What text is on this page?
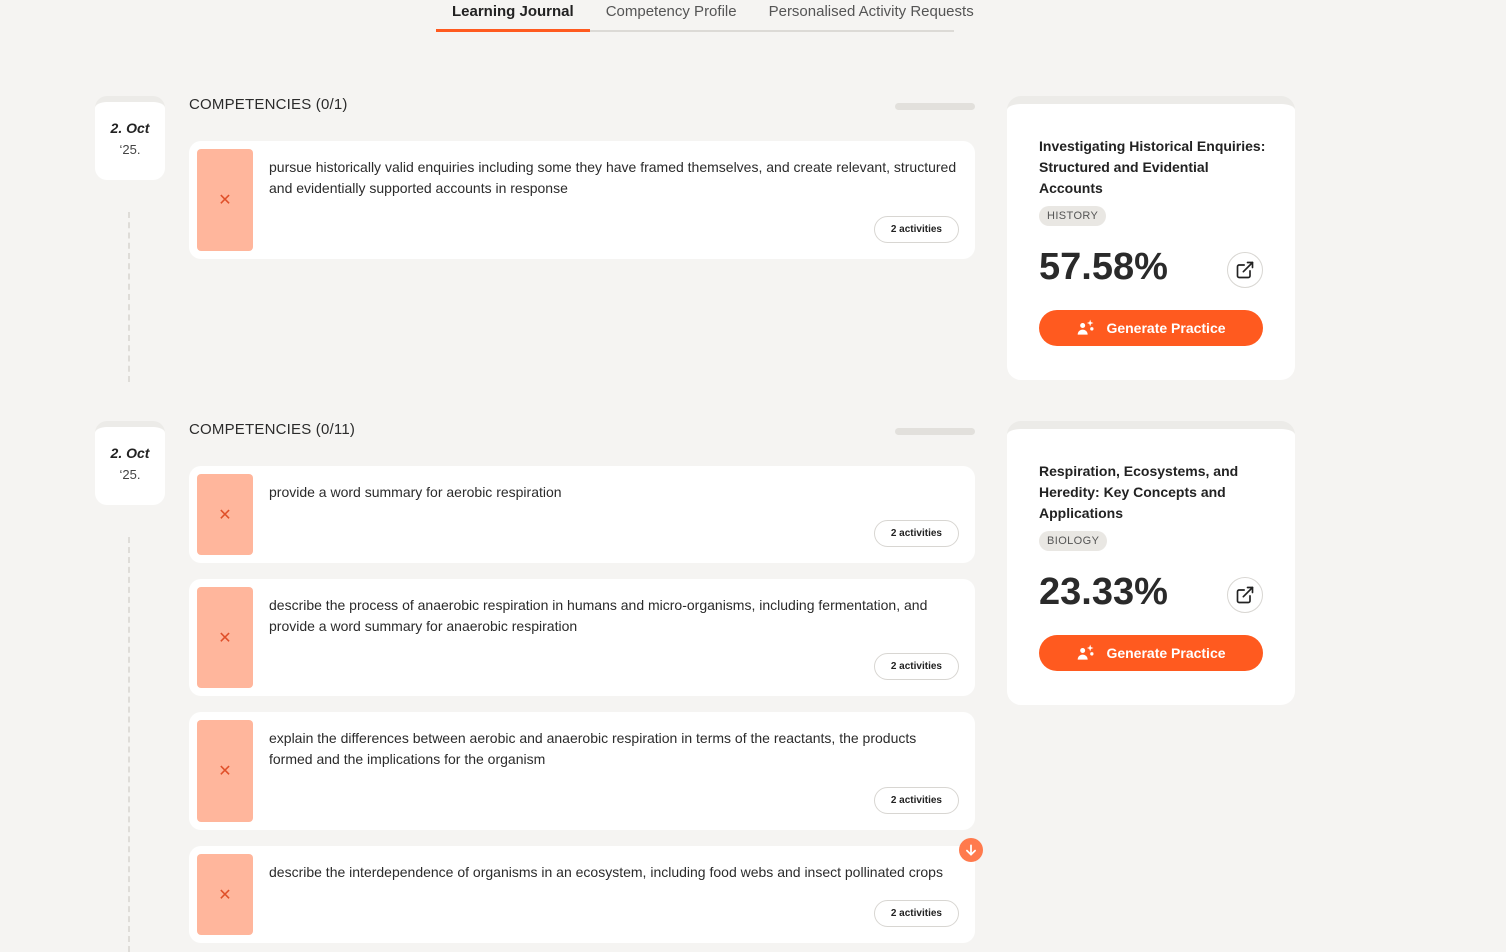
Learning Journal	Competency Profile	Personalised Activity Requests
2. Oct
‘25.
COMPETENCIES (0/1)
✕
pursue historically valid enquiries including some they have framed themselves, and create relevant, structured and evidentially supported accounts in response
2 activities
Investigating Historical Enquiries: Structured and Evidential Accounts
HISTORY
57.58%
Generate Practice
2. Oct
‘25.
COMPETENCIES (0/11)
✕
provide a word summary for aerobic respiration
2 activities
✕
describe the process of anaerobic respiration in humans and micro-organisms, including fermentation, and provide a word summary for anaerobic respiration
2 activities
✕
explain the differences between aerobic and anaerobic respiration in terms of the reactants, the products formed and the implications for the organism
2 activities
✕
describe the interdependence of organisms in an ecosystem, including food webs and insect pollinated crops
2 activities
Respiration, Ecosystems, and Heredity: Key Concepts and Applications
BIOLOGY
23.33%
Generate Practice
